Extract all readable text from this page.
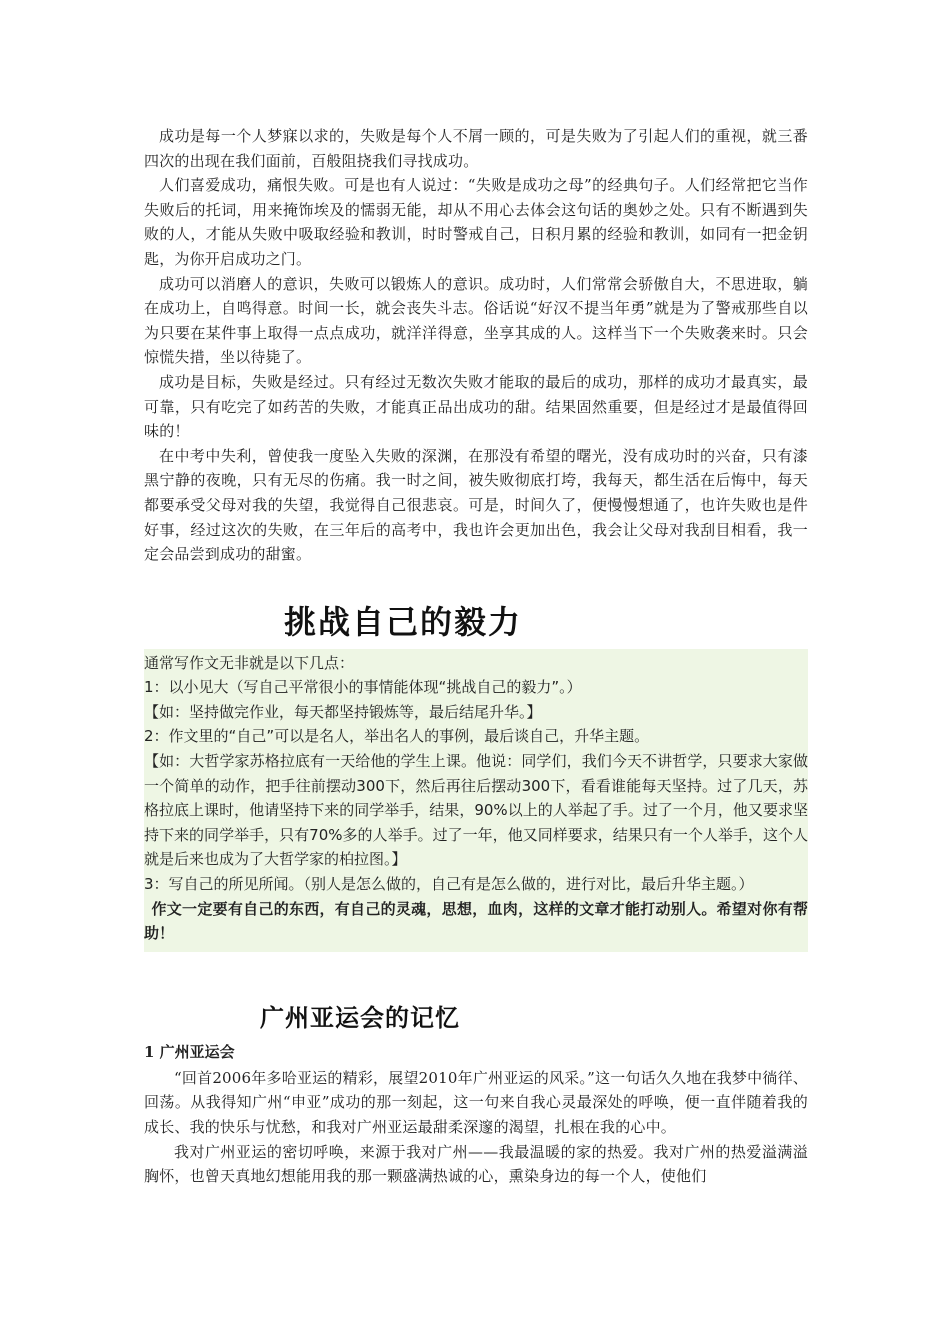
成功是每一个人梦寐以求的，失败是每个人不屑一顾的，可是失败为了引起人们的重视，就三番四次的出现在我们面前，百般阻挠我们寻找成功。

人们喜爱成功，痛恨失败。可是也有人说过：“失败是成功之母”的经典句子。人们经常把它当作失败后的托词，用来掩饰埃及的懦弱无能，却从不用心去体会这句话的奥妙之处。只有不断遇到失败的人，才能从失败中吸取经验和教训，时时警戒自己，日积月累的经验和教训，如同有一把金钥匙，为你开启成功之门。

成功可以消磨人的意识，失败可以锻炼人的意识。成功时，人们常常会骄傲自大，不思进取，躺在成功上，自鸣得意。时间一长，就会丧失斗志。俗话说“好汉不提当年勇”就是为了警戒那些自以为只要在某件事上取得一点点成功，就洋洋得意，坐享其成的人。这样当下一个失败袭来时。只会惊慌失措，坐以待毙了。

成功是目标，失败是经过。只有经过无数次失败才能取的最后的成功，那样的成功才最真实，最可靠，只有吃完了如药苦的失败，才能真正品出成功的甜。结果固然重要，但是经过才是最值得回味的！

在中考中失利，曾使我一度坠入失败的深渊，在那没有希望的曙光，没有成功时的兴奋，只有漆黑宁静的夜晚，只有无尽的伤痛。我一时之间，被失败彻底打垮，我每天，都生活在后悔中，每天都要承受父母对我的失望，我觉得自己很悲哀。可是，时间久了，便慢慢想通了，也许失败也是件好事，经过这次的失败，在三年后的高考中，我也许会更加出色，我会让父母对我刮目相看，我一定会品尝到成功的甜蜜。

挑战自己的毅力

通常写作文无非就是以下几点：

1：以小见大（写自己平常很小的事情能体现“挑战自己的毅力”。）

【如：坚持做完作业，每天都坚持锻炼等，最后结尾升华。】

2：作文里的“自己”可以是名人，举出名人的事例，最后谈自己，升华主题。

【如：大哲学家苏格拉底有一天给他的学生上课。他说：同学们，我们今天不讲哲学，只要求大家做一个简单的动作，把手往前摆动300下，然后再往后摆动300下，看看谁能每天坚持。过了几天，苏格拉底上课时，他请坚持下来的同学举手，结果，90%以上的人举起了手。过了一个月，他又要求坚持下来的同学举手，只有70%多的人举手。过了一年，他又同样要求，结果只有一个人举手，这个人就是后来也成为了大哲学家的柏拉图。】

3：写自己的所见所闻。（别人是怎么做的，自己有是怎么做的，进行对比，最后升华主题。）

作文一定要有自己的东西，有自己的灵魂，思想，血肉，这样的文章才能打动别人。希望对你有帮助！

广州亚运会的记忆

1 广州亚运会

“回首2006年多哈亚运的精彩，展望2010年广州亚运的风采。”这一句话久久地在我梦中徜徉、回荡。从我得知广州“申亚”成功的那一刻起，这一句来自我心灵最深处的呼唤，便一直伴随着我的成长、我的快乐与忧愁，和我对广州亚运最甜柔深邃的渴望，扎根在我的心中。

我对广州亚运的密切呼唤，来源于我对广州——我最温暖的家的热爱。我对广州的热爱溢满溢胸怀，也曾天真地幻想能用我的那一颗盛满热诚的心，熏染身边的每一个人，使他们
